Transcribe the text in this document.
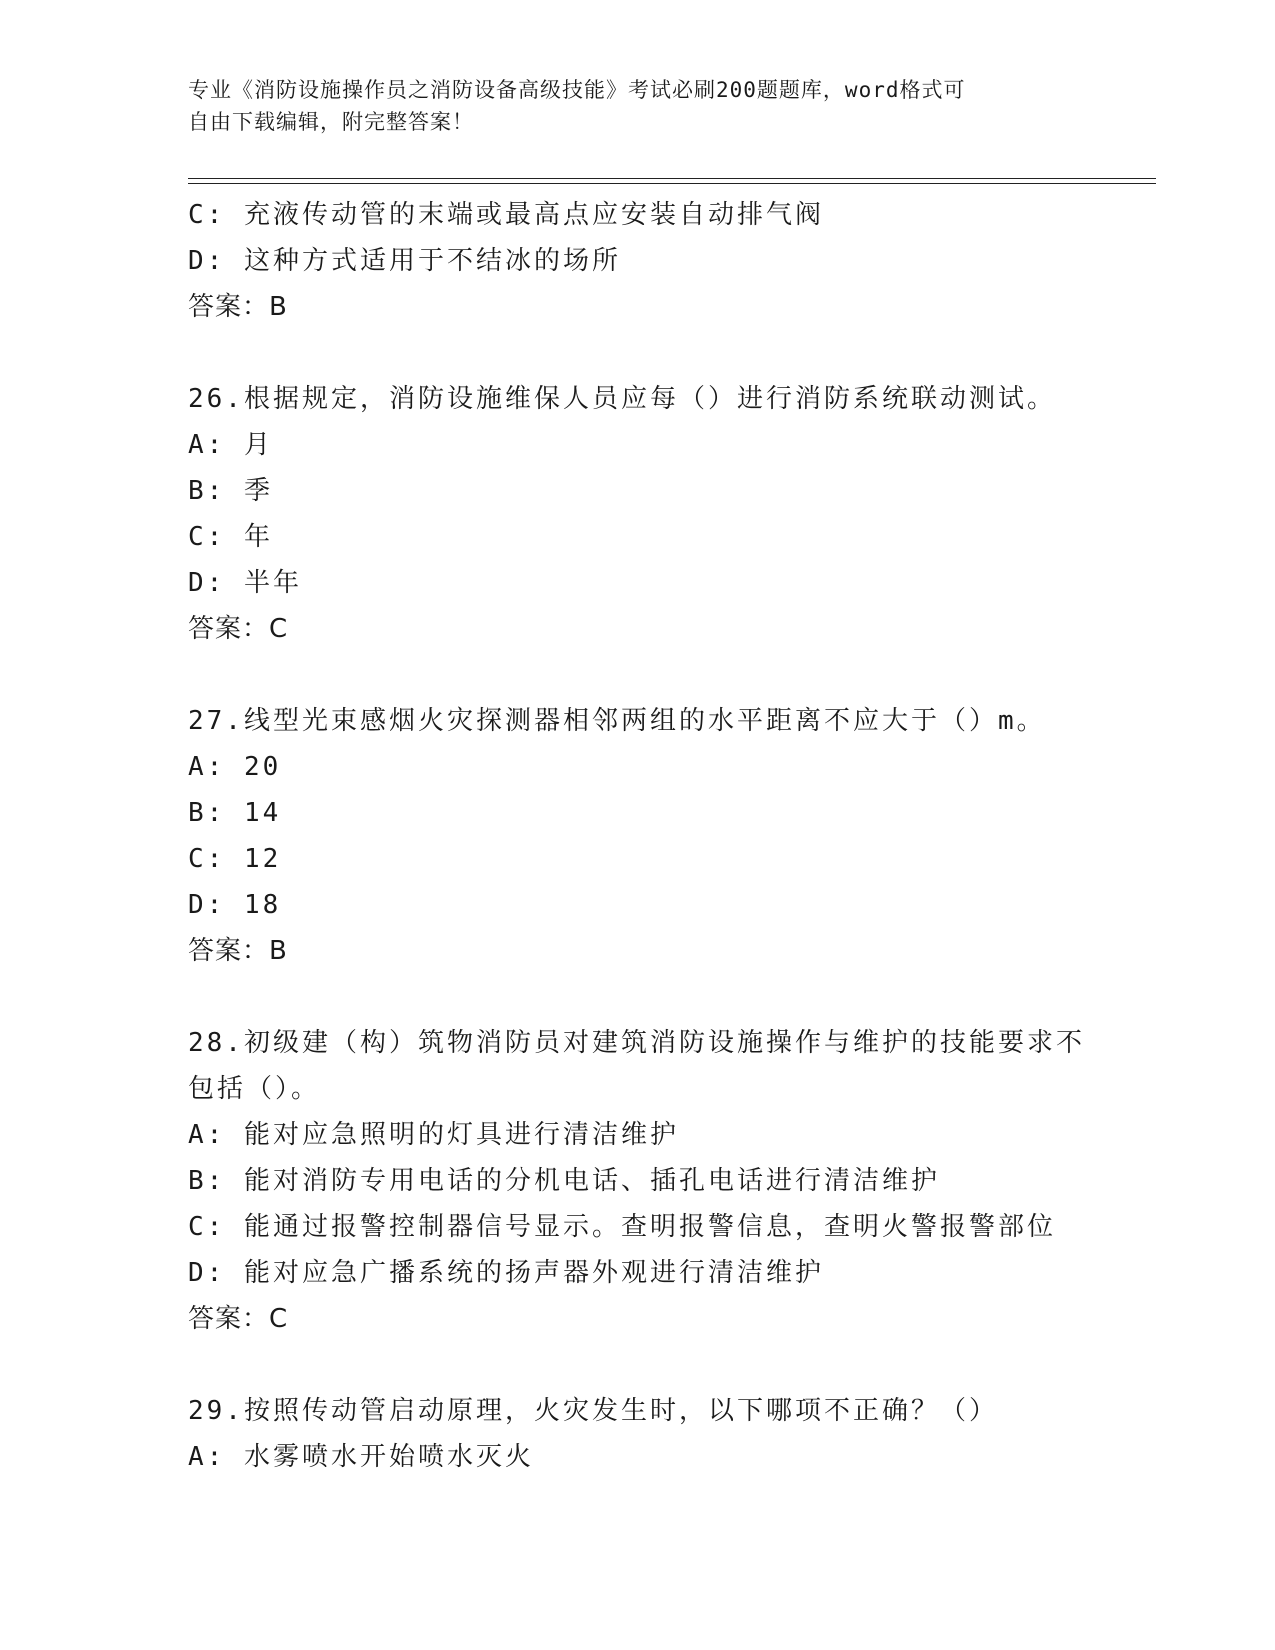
专业《消防设施操作员之消防设备高级技能》考试必刷200题题库，word格式可
自由下载编辑，附完整答案！
C: 充液传动管的末端或最高点应安装自动排气阀
D: 这种方式适用于不结冰的场所
答案：B
26.根据规定，消防设施维保人员应每（）进行消防系统联动测试。
A: 月
B: 季
C: 年
D: 半年
答案：C
27.线型光束感烟火灾探测器相邻两组的水平距离不应大于（）m。
A: 20
B: 14
C: 12
D: 18
答案：B
28.初级建（构）筑物消防员对建筑消防设施操作与维护的技能要求不
包括（）。
A: 能对应急照明的灯具进行清洁维护
B: 能对消防专用电话的分机电话、插孔电话进行清洁维护
C: 能通过报警控制器信号显示。查明报警信息，查明火警报警部位
D: 能对应急广播系统的扬声器外观进行清洁维护
答案：C
29.按照传动管启动原理，火灾发生时，以下哪项不正确？（）
A: 水雾喷水开始喷水灭火
